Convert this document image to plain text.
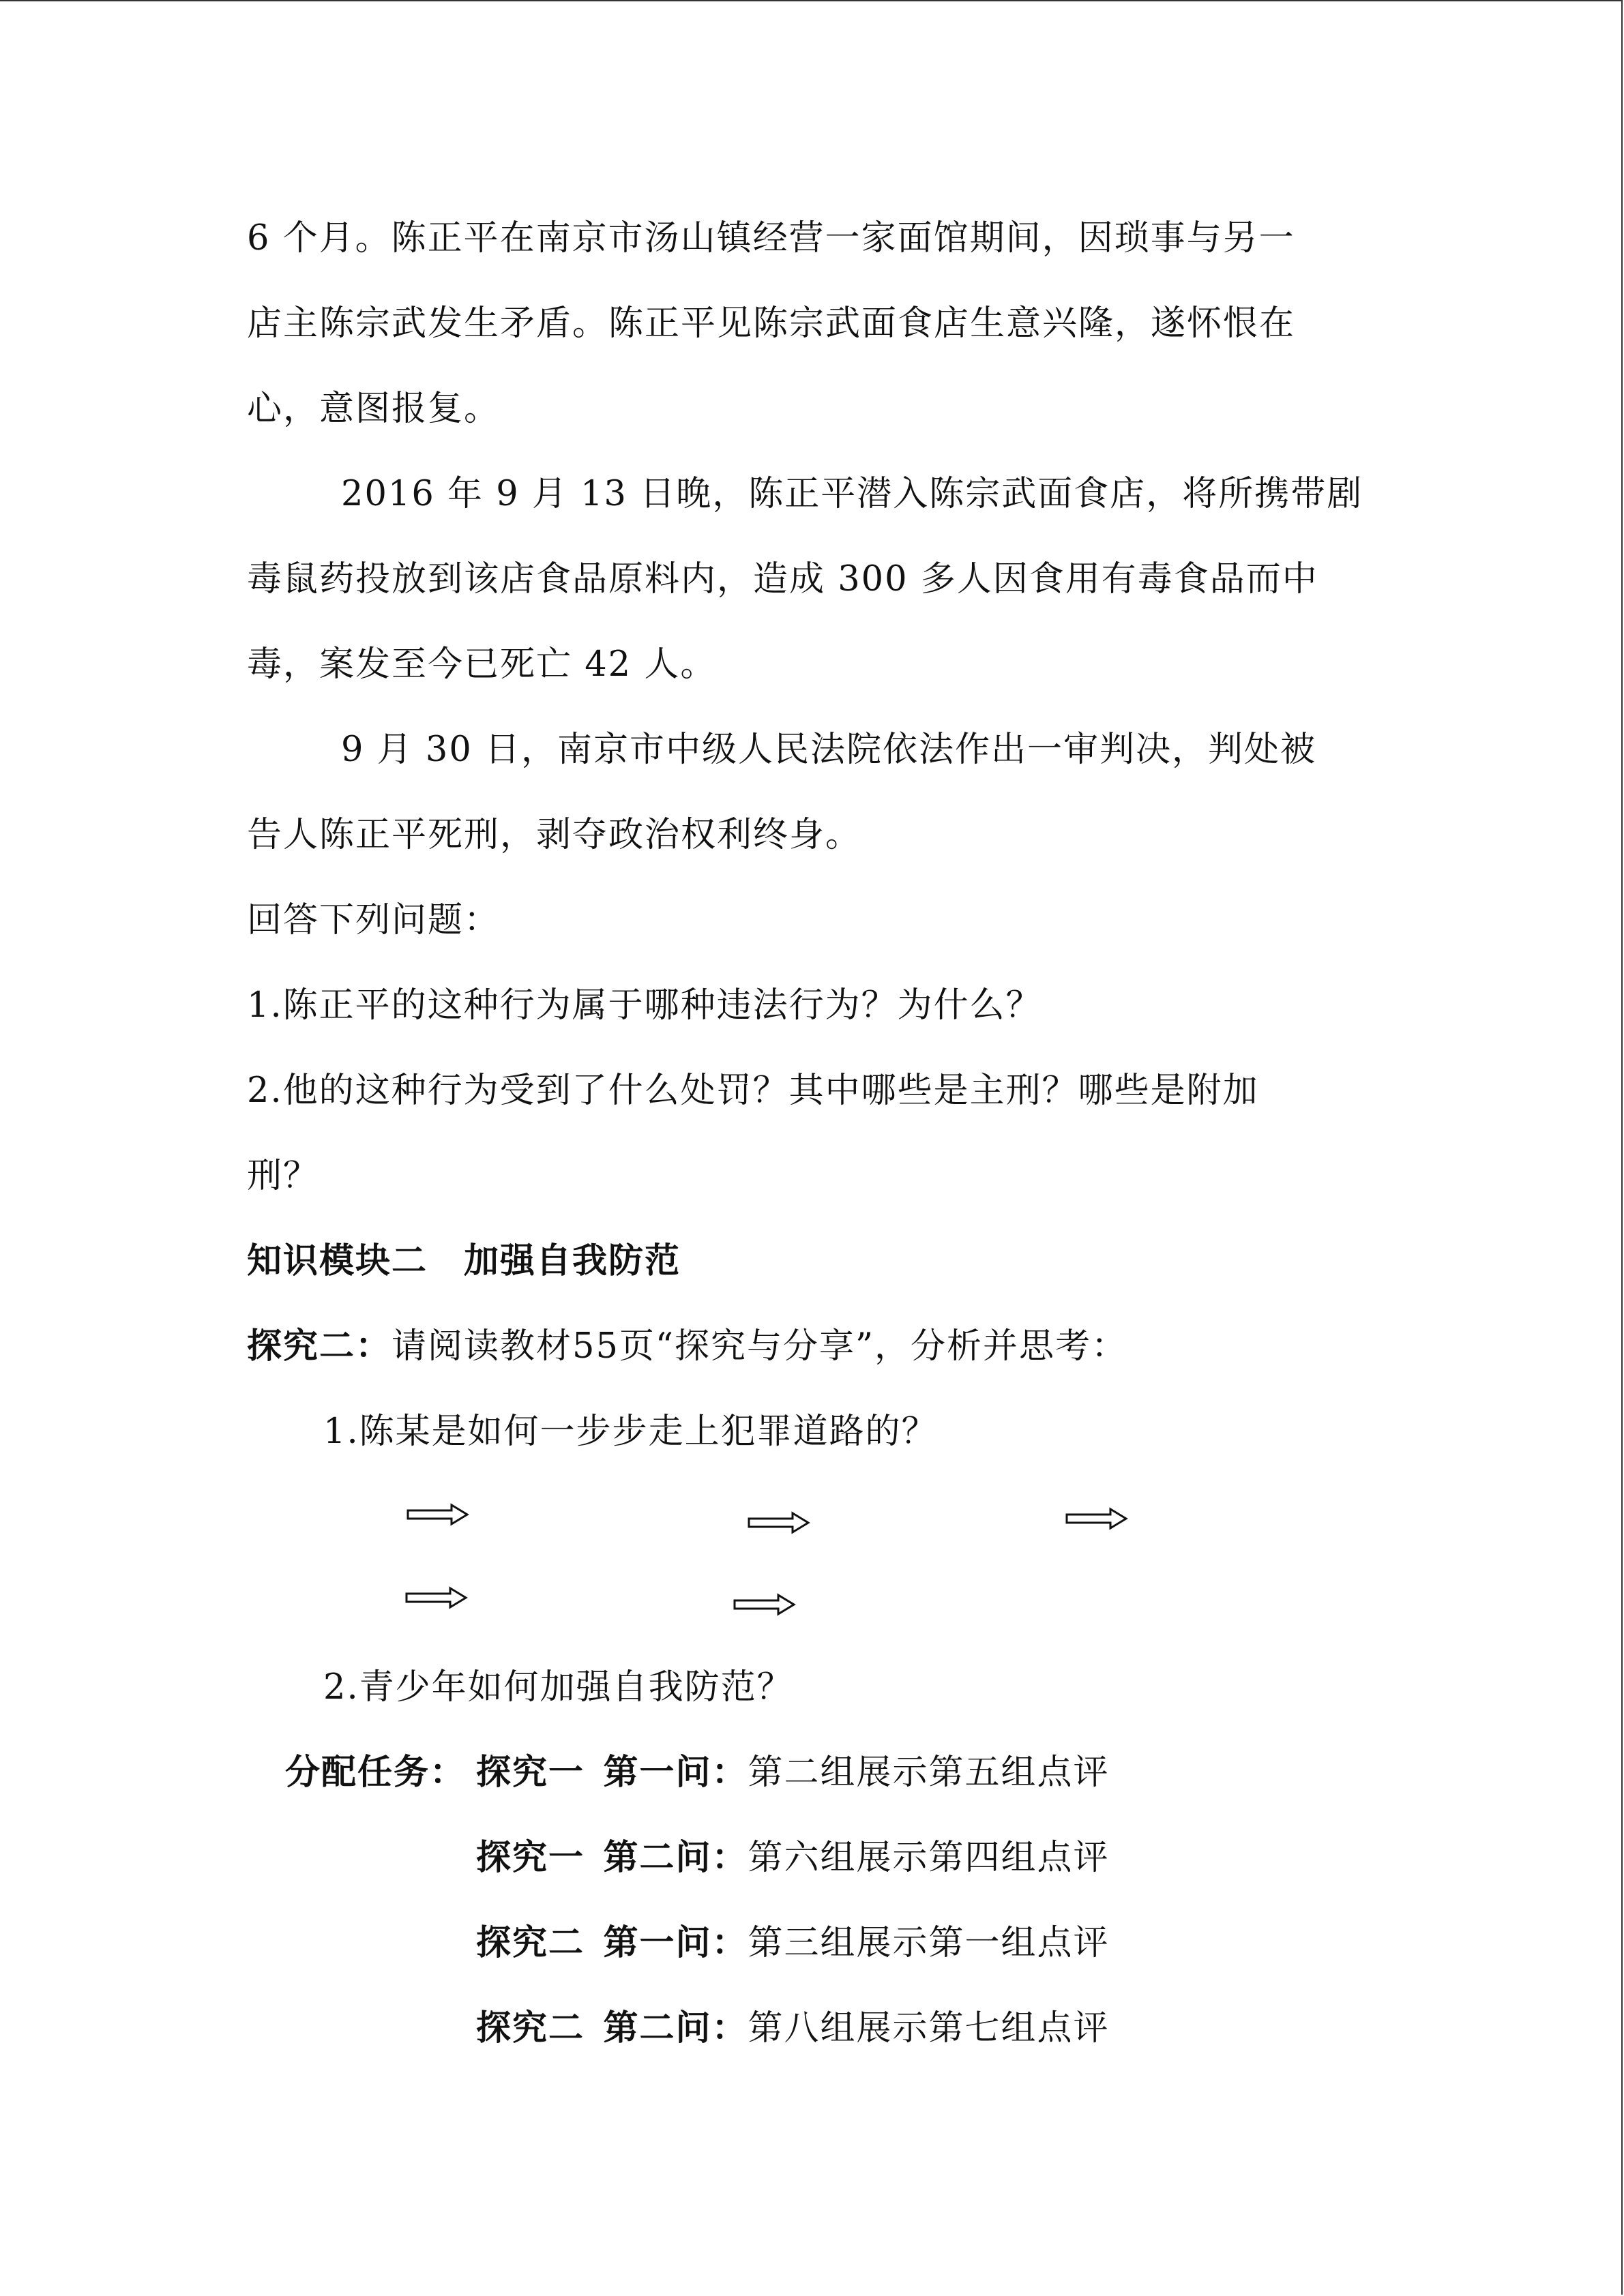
6 个月。陈正平在南京市汤山镇经营一家面馆期间，因琐事与另一
店主陈宗武发生矛盾。陈正平见陈宗武面食店生意兴隆，遂怀恨在
心，意图报复。
2016 年 9 月 13 日晚，陈正平潜入陈宗武面食店，将所携带剧
毒鼠药投放到该店食品原料内，造成 300 多人因食用有毒食品而中
毒，案发至今已死亡 42 人。
9 月 30 日，南京市中级人民法院依法作出一审判决，判处被
告人陈正平死刑，剥夺政治权利终身。
回答下列问题：
1.陈正平的这种行为属于哪种违法行为？为什么？
2.他的这种行为受到了什么处罚？其中哪些是主刑？哪些是附加
刑？
知识模块二　加强自我防范
探究二：请阅读教材55页“探究与分享”，分析并思考：
1.陈某是如何一步步走上犯罪道路的？
2.青少年如何加强自我防范？
分配任务： 探究一  第一问：第二组展示第五组点评
探究一  第二问：第六组展示第四组点评
探究二  第一问：第三组展示第一组点评
探究二  第二问：第八组展示第七组点评
